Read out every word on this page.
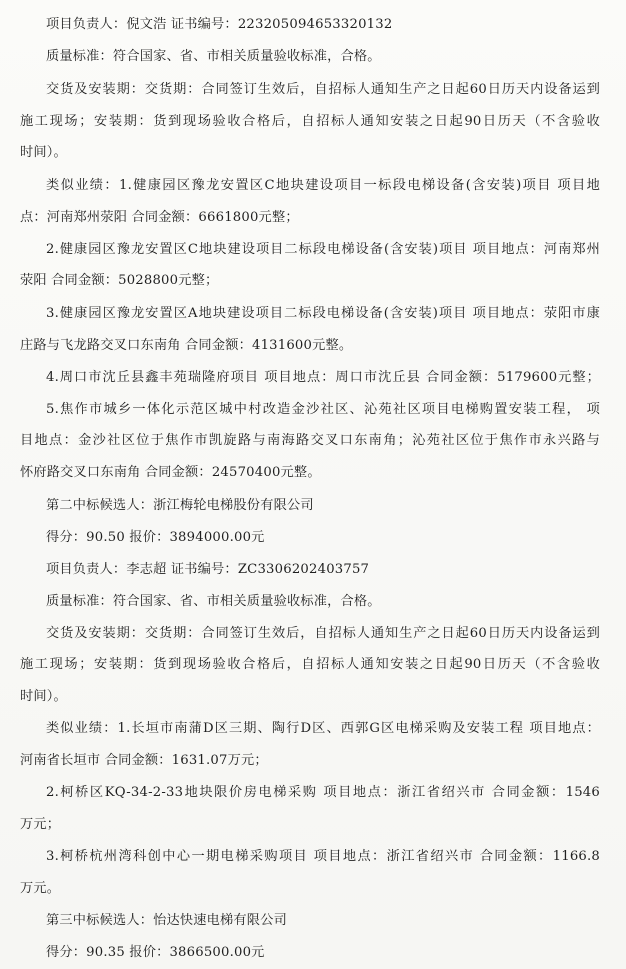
项目负责人：倪文浩 证书编号：223205094653320132
质量标准：符合国家、省、市相关质量验收标准，合格。
交货及安装期：交货期：合同签订生效后，自招标人通知生产之日起60日历天内设备运到
施工现场；安装期：货到现场验收合格后，自招标人通知安装之日起90日历天（不含验收
时间）。
类似业绩：1.健康园区豫龙安置区C地块建设项目一标段电梯设备(含安装)项目 项目地
点：河南郑州荥阳 合同金额：6661800元整；
2.健康园区豫龙安置区C地块建设项目二标段电梯设备(含安装)项目 项目地点：河南郑州
荥阳 合同金额：5028800元整；
3.健康园区豫龙安置区A地块建设项目二标段电梯设备(含安装)项目 项目地点：荥阳市康
庄路与飞龙路交叉口东南角 合同金额：4131600元整。
4.周口市沈丘县鑫丰苑瑞隆府项目 项目地点：周口市沈丘县 合同金额：5179600元整；
5.焦作市城乡一体化示范区城中村改造金沙社区、沁苑社区项目电梯购置安装工程， 项
目地点：金沙社区位于焦作市凯旋路与南海路交叉口东南角；沁苑社区位于焦作市永兴路与
怀府路交叉口东南角 合同金额：24570400元整。
第二中标候选人：浙江梅轮电梯股份有限公司
得分：90.50 报价：3894000.00元
项目负责人：李志超 证书编号：ZC3306202403757
质量标准：符合国家、省、市相关质量验收标准，合格。
交货及安装期：交货期：合同签订生效后，自招标人通知生产之日起60日历天内设备运到
施工现场；安装期：货到现场验收合格后，自招标人通知安装之日起90日历天（不含验收
时间）。
类似业绩：1.长垣市南蒲D区三期、陶行D区、西郭G区电梯采购及安装工程 项目地点：
河南省长垣市 合同金额：1631.07万元；
2.柯桥区KQ-34-2-33地块限价房电梯采购 项目地点：浙江省绍兴市 合同金额：1546
万元；
3.柯桥杭州湾科创中心一期电梯采购项目 项目地点：浙江省绍兴市 合同金额：1166.8
万元。
第三中标候选人：怡达快速电梯有限公司
得分：90.35 报价：3866500.00元
